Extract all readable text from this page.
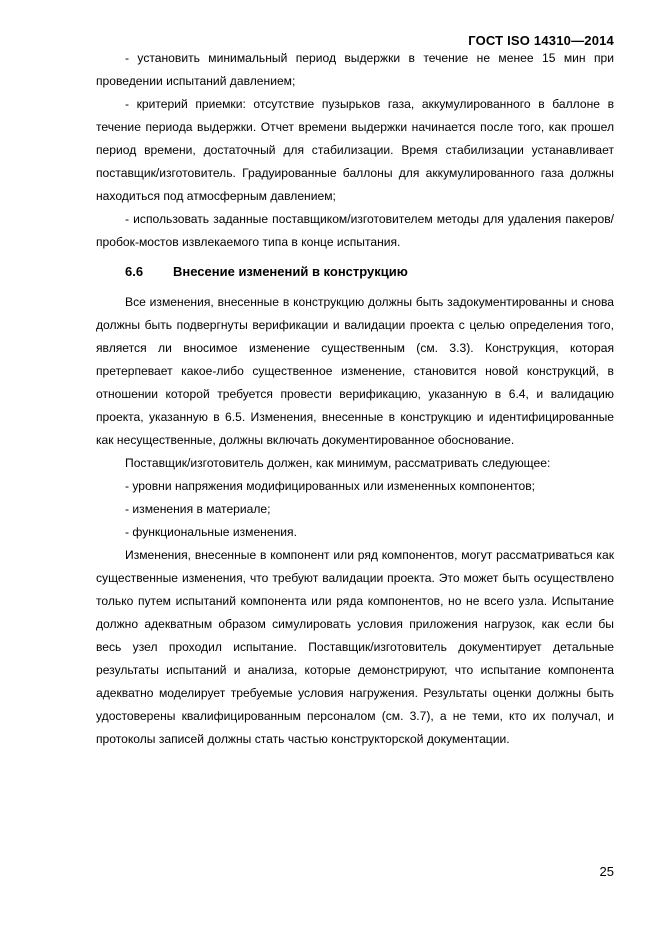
ГОСТ ISO 14310—2014

- установить минимальный период выдержки в течение не менее 15 мин при проведении испытаний давлением;

- критерий приемки: отсутствие пузырьков газа, аккумулированного в баллоне в течение периода выдержки. Отчет времени выдержки начинается после того, как прошел период времени, достаточный для стабилизации. Время стабилизации устанавливает поставщик/изготовитель. Градуированные баллоны для аккумулированного газа должны находиться под атмосферным давлением;

- использовать заданные поставщиком/изготовителем методы для удаления пакеров/пробок-мостов извлекаемого типа в конце испытания.

6.6 Внесение изменений в конструкцию

Все изменения, внесенные в конструкцию должны быть задокументированны и снова должны быть подвергнуты верификации и валидации проекта с целью определения того, является ли вносимое изменение существенным (см. 3.3). Конструкция, которая претерпевает какое-либо существенное изменение, становится новой конструкций, в отношении которой требуется провести верификацию, указанную в 6.4, и валидацию проекта, указанную в 6.5. Изменения, внесенные в конструкцию и идентифицированные как несущественные, должны включать документированное обоснование.

Поставщик/изготовитель должен, как минимум, рассматривать следующее:

- уровни напряжения модифицированных или измененных компонентов;

- изменения в материале;

- функциональные изменения.

Изменения, внесенные в компонент или ряд компонентов, могут рассматриваться как существенные изменения, что требуют валидации проекта. Это может быть осуществлено только путем испытаний компонента или ряда компонентов, но не всего узла. Испытание должно адекватным образом симулировать условия приложения нагрузок, как если бы весь узел проходил испытание. Поставщик/изготовитель документирует детальные результаты испытаний и анализа, которые демонстрируют, что испытание компонента адекватно моделирует требуемые условия нагружения. Результаты оценки должны быть удостоверены квалифицированным персоналом (см. 3.7), а не теми, кто их получал, и протоколы записей должны стать частью конструкторской документации.

25
